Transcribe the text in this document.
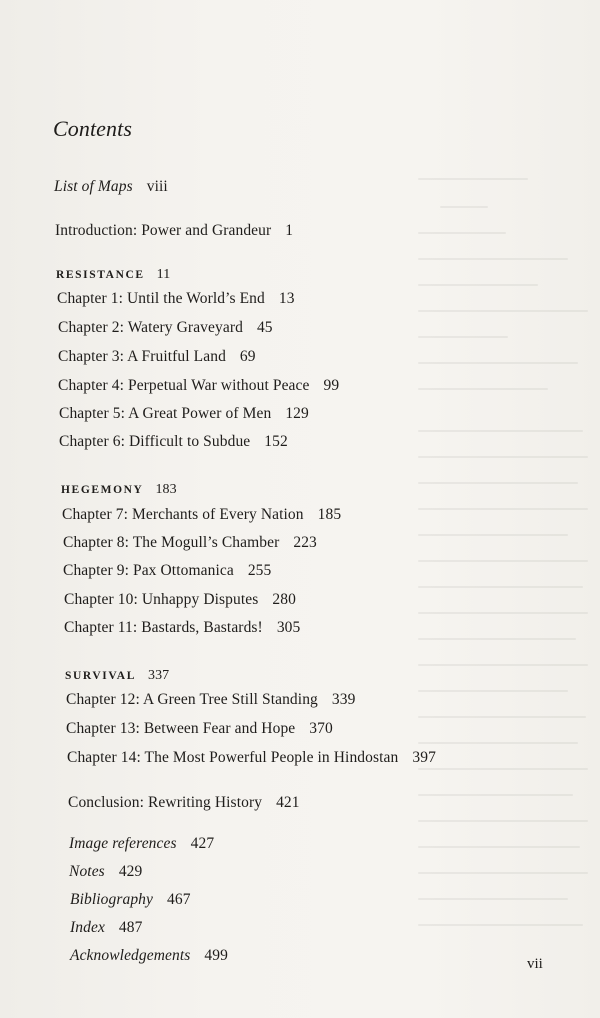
Contents
List of Maps viii
Introduction: Power and Grandeur 1
RESISTANCE 11
Chapter 1: Until the World’s End 13
Chapter 2: Watery Graveyard 45
Chapter 3: A Fruitful Land 69
Chapter 4: Perpetual War without Peace 99
Chapter 5: A Great Power of Men 129
Chapter 6: Difficult to Subdue 152
HEGEMONY 183
Chapter 7: Merchants of Every Nation 185
Chapter 8: The Mogull’s Chamber 223
Chapter 9: Pax Ottomanica 255
Chapter 10: Unhappy Disputes 280
Chapter 11: Bastards, Bastards! 305
SURVIVAL 337
Chapter 12: A Green Tree Still Standing 339
Chapter 13: Between Fear and Hope 370
Chapter 14: The Most Powerful People in Hindostan 397
Conclusion: Rewriting History 421
Image references 427
Notes 429
Bibliography 467
Index 487
Acknowledgements 499	vii
